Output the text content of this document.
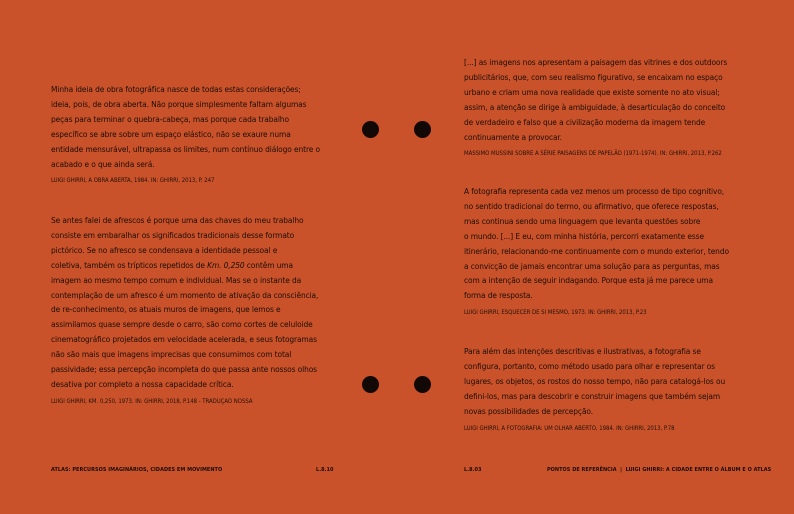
Minha ideia de obra fotográfica nasce de todas estas considerações;

ideia, pois, de obra aberta. Não porque simplesmente faltam algumas

peças para terminar o quebra-cabeça, mas porque cada trabalho

específico se abre sobre um espaço elástico, não se exaure numa

entidade mensurável, ultrapassa os limites, num contínuo diálogo entre o

acabado e o que ainda será.

LUIGI GHIRRI, A OBRA ABERTA, 1984. IN: GHIRRI, 2013, P. 247

Se antes falei de afrescos é porque uma das chaves do meu trabalho

consiste em embaralhar os significados tradicionais desse formato

pictórico. Se no afresco se condensava a identidade pessoal e

coletiva, também os trípticos repetidos de Km. 0,250 contêm uma

imagem ao mesmo tempo comum e individual. Mas se o instante da

contemplação de um afresco é um momento de ativação da consciência,

de re-conhecimento, os atuais muros de imagens, que lemos e

assimilamos quase sempre desde o carro, são como cortes de celuloide

cinematográfico projetados em velocidade acelerada, e seus fotogramas

não são mais que imagens imprecisas que consumimos com total

passividade; essa percepção incompleta do que passa ante nossos olhos

desativa por completo a nossa capacidade crítica.

LUIGI GHIRRI, KM. 0,250, 1973. IN: GHIRRI, 2018, P.148 - TRADUÇÃO NOSSA

[...] as imagens nos apresentam a paisagem das vitrines e dos outdoors

publicitários, que, com seu realismo figurativo, se encaixam no espaço

urbano e criam uma nova realidade que existe somente no ato visual;

assim, a atenção se dirige à ambiguidade, à desarticulação do conceito

de verdadeiro e falso que a civilização moderna da imagem tende

continuamente a provocar.

MASSIMO MUSSINI SOBRE A SÉRIE PAISAGENS DE PAPELÃO (1971-1974). IN: GHIRRI, 2013, P.262

A fotografia representa cada vez menos um processo de tipo cognitivo,

no sentido tradicional do termo, ou afirmativo, que oferece respostas,

mas continua sendo uma linguagem que levanta questões sobre

o mundo. [...] E eu, com minha história, percorri exatamente esse

itinerário, relacionando-me continuamente com o mundo exterior, tendo

a convicção de jamais encontrar uma solução para as perguntas, mas

com a intenção de seguir indagando. Porque esta já me parece uma

forma de resposta.

LUIGI GHIRRI, ESQUECER DE SI MESMO, 1973. IN: GHIRRI, 2013, P.23

Para além das intenções descritivas e ilustrativas, a fotografia se

configura, portanto, como método usado para olhar e representar os

lugares, os objetos, os rostos do nosso tempo, não para catalogá-los ou

defini-los, mas para descobrir e construir imagens que também sejam

novas possibilidades de percepção.

LUIGI GHIRRI, A FOTOGRAFIA: UM OLHAR ABERTO, 1984. IN: GHIRRI, 2013, P.78
ATLAS: PERCURSOS IMAGINÁRIOS, CIDADES EM MOVIMENTO	L.8.10	L.8.03	PONTOS DE REFERÊNCIA  |  LUIGI GHIRRI: A CIDADE ENTRE O ÁLBUM E O ATLAS
